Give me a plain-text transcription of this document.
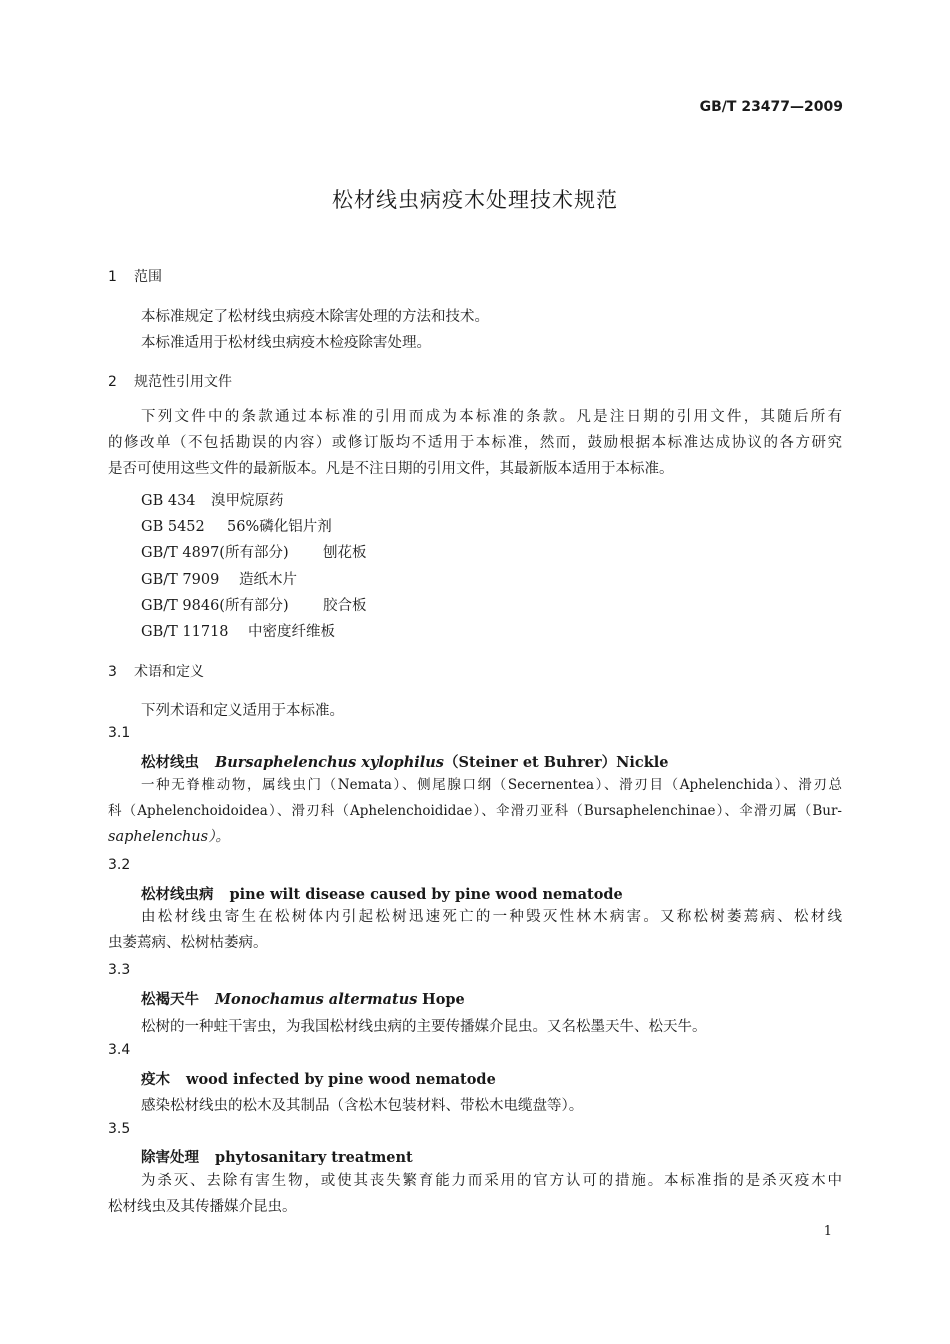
GB/T 23477—2009
松材线虫病疫木处理技术规范
1 范围
本标准规定了松材线虫病疫木除害处理的方法和技术。
本标准适用于松材线虫病疫木检疫除害处理。
2 规范性引用文件
下列文件中的条款通过本标准的引用而成为本标准的条款。凡是注日期的引用文件，其随后所有
的修改单（不包括勘误的内容）或修订版均不适用于本标准，然而，鼓励根据本标准达成协议的各方研究
是否可使用这些文件的最新版本。凡是不注日期的引用文件，其最新版本适用于本标准。
GB 434 溴甲烷原药
GB 5452 56%磷化铝片剂
GB/T 4897(所有部分) 刨花板
GB/T 7909 造纸木片
GB/T 9846(所有部分) 胶合板
GB/T 11718 中密度纤维板
3 术语和定义
下列术语和定义适用于本标准。
3.1
松材线虫 Bursaphelenchus xylophilus（Steiner et Buhrer）Nickle
一种无脊椎动物，属线虫门（Nemata）、侧尾腺口纲（Secernentea）、滑刃目（Aphelenchida）、滑刃总
科（Aphelenchoidoidea）、滑刃科（Aphelenchoididae）、伞滑刃亚科（Bursaphelenchinae）、伞滑刃属（Bur-
saphelenchus）。
3.2
松材线虫病 pine wilt disease caused by pine wood nematode
由松材线虫寄生在松树体内引起松树迅速死亡的一种毁灭性林木病害。又称松树萎蔫病、松材线
虫萎蔫病、松树枯萎病。
3.3
松褐天牛 Monochamus altermatus Hope
松树的一种蛀干害虫，为我国松材线虫病的主要传播媒介昆虫。又名松墨天牛、松天牛。
3.4
疫木 wood infected by pine wood nematode
感染松材线虫的松木及其制品（含松木包装材料、带松木电缆盘等）。
3.5
除害处理 phytosanitary treatment
为杀灭、去除有害生物，或使其丧失繁育能力而采用的官方认可的措施。本标准指的是杀灭疫木中
松材线虫及其传播媒介昆虫。
1
